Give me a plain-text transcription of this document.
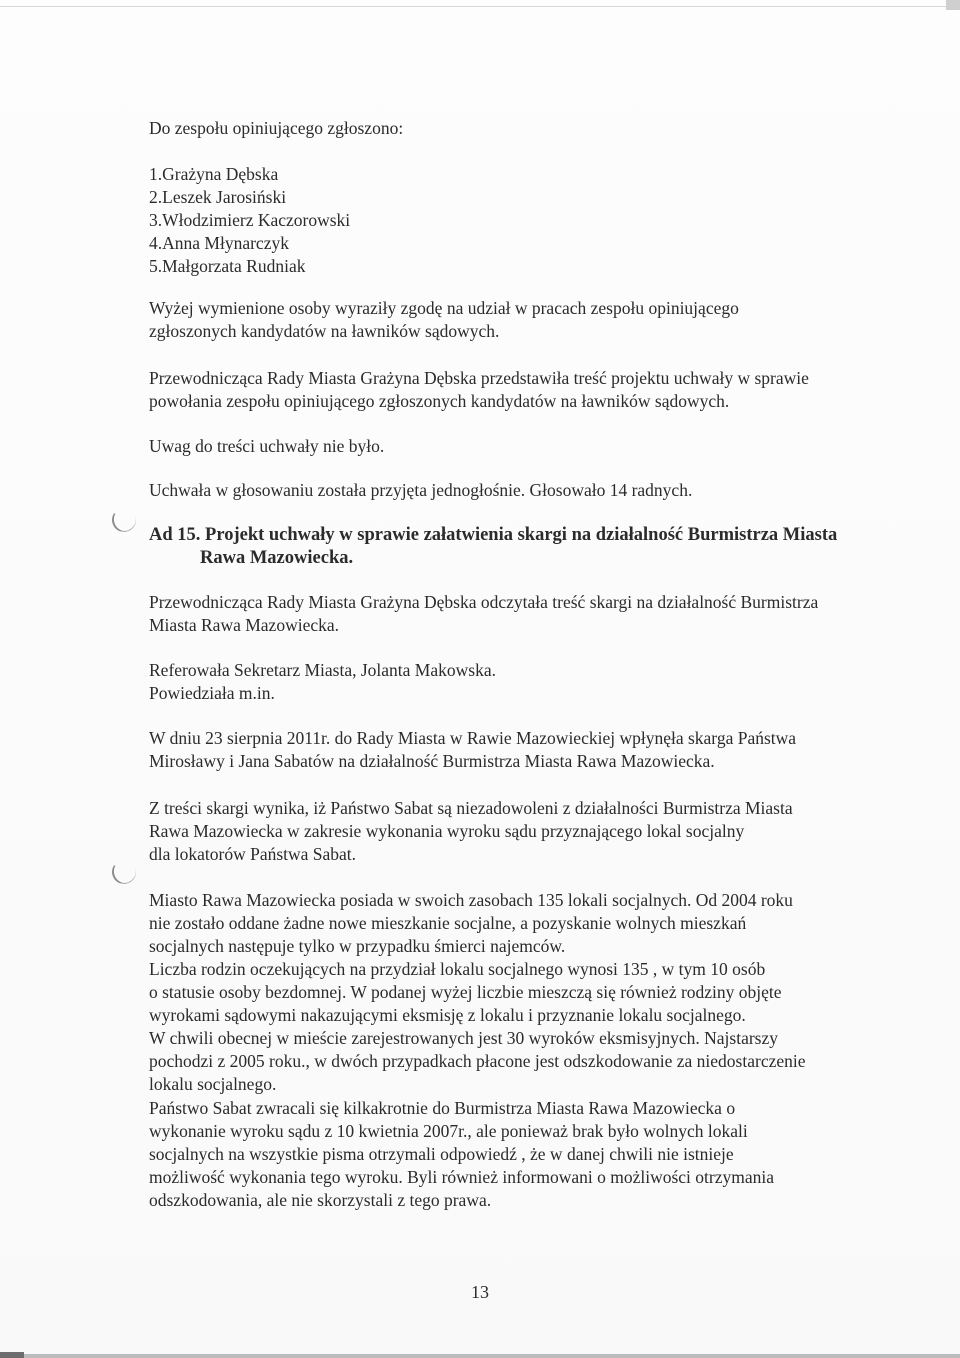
Do zespołu opiniującego zgłoszono:
1.Grażyna Dębska
2.Leszek Jarosiński
3.Włodzimierz Kaczorowski
4.Anna Młynarczyk
5.Małgorzata Rudniak
Wyżej wymienione osoby wyraziły zgodę na udział w pracach zespołu opiniującego
zgłoszonych kandydatów na ławników sądowych.
Przewodnicząca Rady Miasta Grażyna Dębska przedstawiła treść projektu uchwały w sprawie
powołania zespołu opiniującego zgłoszonych kandydatów na ławników sądowych.
Uwag do treści uchwały nie było.
Uchwała w głosowaniu została przyjęta jednogłośnie. Głosowało 14 radnych.
Ad 15. Projekt uchwały w sprawie załatwienia skargi na działalność Burmistrza Miasta
Rawa Mazowiecka.
Przewodnicząca Rady Miasta Grażyna Dębska odczytała treść skargi na działalność Burmistrza
Miasta Rawa Mazowiecka.
Referowała Sekretarz Miasta, Jolanta Makowska.
Powiedziała m.in.
W dniu 23 sierpnia 2011r. do Rady Miasta w Rawie Mazowieckiej wpłynęła skarga Państwa
Mirosławy i Jana Sabatów na działalność Burmistrza Miasta Rawa Mazowiecka.
Z treści skargi wynika, iż Państwo Sabat są niezadowoleni z działalności Burmistrza Miasta
Rawa Mazowiecka w zakresie wykonania wyroku sądu przyznającego lokal socjalny
dla lokatorów Państwa Sabat.
Miasto Rawa Mazowiecka posiada w swoich zasobach 135 lokali socjalnych. Od 2004 roku
nie zostało oddane żadne nowe mieszkanie socjalne, a pozyskanie wolnych mieszkań
socjalnych następuje tylko w przypadku śmierci najemców.
Liczba rodzin oczekujących na przydział lokalu socjalnego wynosi 135 , w tym 10 osób
o statusie osoby bezdomnej. W podanej wyżej liczbie mieszczą się również rodziny objęte
wyrokami sądowymi nakazującymi eksmisję z lokalu i przyznanie lokalu socjalnego.
W chwili obecnej w mieście zarejestrowanych jest 30 wyroków eksmisyjnych. Najstarszy
pochodzi z 2005 roku., w dwóch przypadkach płacone jest odszkodowanie za niedostarczenie
lokalu socjalnego.
Państwo Sabat zwracali się kilkakrotnie do Burmistrza Miasta Rawa Mazowiecka o
wykonanie wyroku sądu z 10 kwietnia 2007r., ale ponieważ brak było wolnych lokali
socjalnych na wszystkie pisma otrzymali odpowiedź , że w danej chwili nie istnieje
możliwość wykonania tego wyroku. Byli również informowani o możliwości otrzymania
odszkodowania, ale nie skorzystali z tego prawa.
13
